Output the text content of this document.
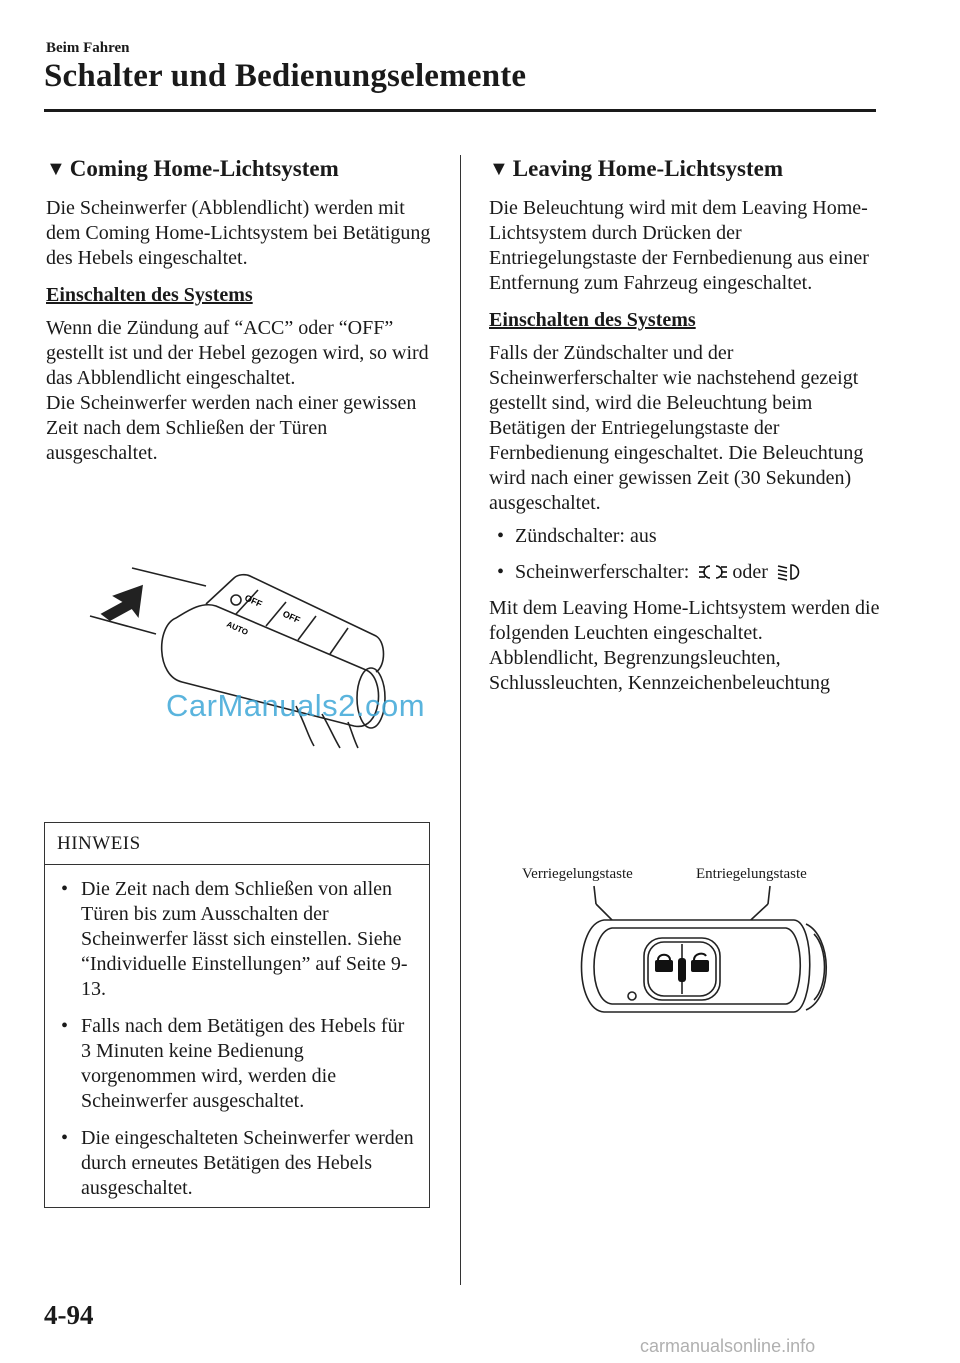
Beim Fahren
Schalter und Bedienungselemente
▼ Coming Home-Lichtsystem

Die Scheinwerfer (Abblendlicht) werden mit dem Coming Home-Lichtsystem bei Betätigung des Hebels eingeschaltet.

Einschalten des Systems

Wenn die Zündung auf “ACC” oder “OFF” gestellt ist und der Hebel gezogen wird, so wird das Abblendlicht eingeschaltet.

Die Scheinwerfer werden nach einer gewissen Zeit nach dem Schließen der Türen ausgeschaltet.

OFF
AUTO
OFF
CarManuals2.com
HINWEIS
• Die Zeit nach dem Schließen von allen Türen bis zum Ausschalten der Scheinwerfer lässt sich einstellen. Siehe “Individuelle Einstellungen” auf Seite 9-13.
• Falls nach dem Betätigen des Hebels für 3 Minuten keine Bedienung vorgenommen wird, werden die Scheinwerfer ausgeschaltet.
• Die eingeschalteten Scheinwerfer werden durch erneutes Betätigen des Hebels ausgeschaltet.
▼ Leaving Home-Lichtsystem

Die Beleuchtung wird mit dem Leaving Home-Lichtsystem durch Drücken der Entriegelungstaste der Fernbedienung aus einer Entfernung zum Fahrzeug eingeschaltet.

Einschalten des Systems

Falls der Zündschalter und der Scheinwerferschalter wie nachstehend gezeigt gestellt sind, wird die Beleuchtung beim Betätigen der Entriegelungstaste der Fernbedienung eingeschaltet. Die Beleuchtung wird nach einer gewissen Zeit (30 Sekunden) ausgeschaltet.

• Zündschalter: aus
• Scheinwerferschalter: oder

Mit dem Leaving Home-Lichtsystem werden die folgenden Leuchten eingeschaltet.

Abblendlicht, Begrenzungsleuchten, Schlussleuchten, Kennzeichenbeleuchtung

Verriegelungstaste	Entriegelungstaste
4-94
carmanualsonline.info
